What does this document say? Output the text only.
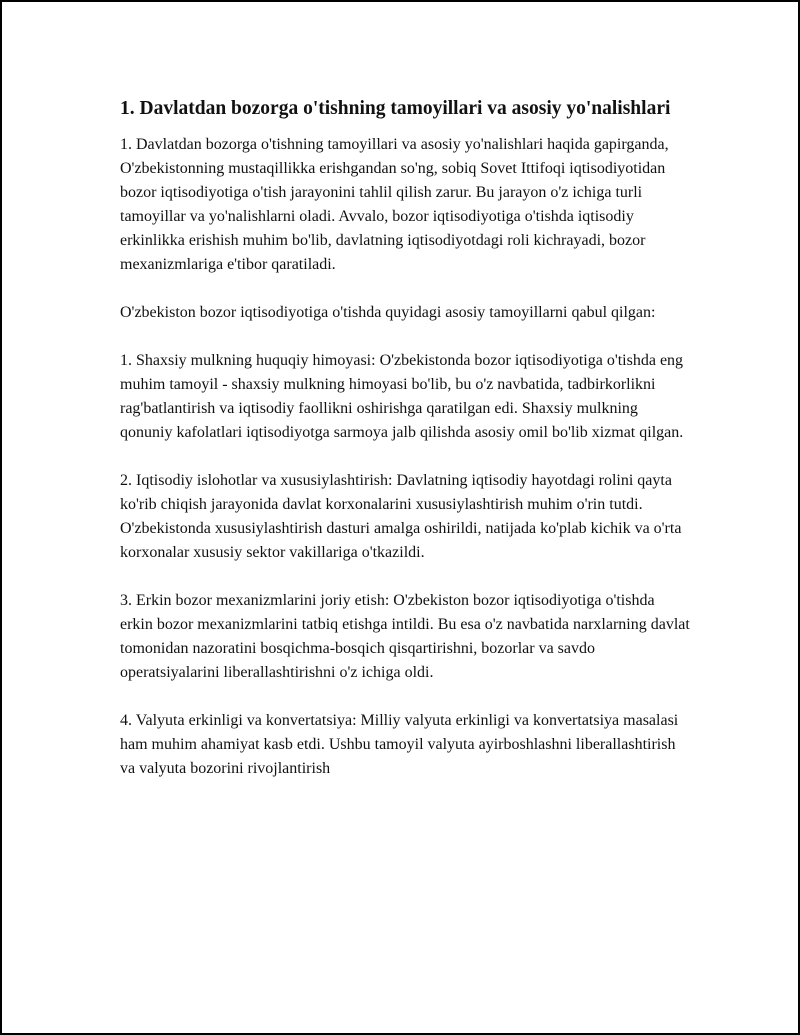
1. Davlatdan bozorga o'tishning tamoyillari va asosiy yo'nalishlari

1. Davlatdan bozorga o'tishning tamoyillari va asosiy yo'nalishlari haqida gapirganda, O'zbekistonning mustaqillikka erishgandan so'ng, sobiq Sovet Ittifoqi iqtisodiyotidan bozor iqtisodiyotiga o'tish jarayonini tahlil qilish zarur. Bu jarayon o'z ichiga turli tamoyillar va yo'nalishlarni oladi. Avvalo, bozor iqtisodiyotiga o'tishda iqtisodiy erkinlikka erishish muhim bo'lib, davlatning iqtisodiyotdagi roli kichrayadi, bozor mexanizmlariga e'tibor qaratiladi.

O'zbekiston bozor iqtisodiyotiga o'tishda quyidagi asosiy tamoyillarni qabul qilgan:

1. Shaxsiy mulkning huquqiy himoyasi: O'zbekistonda bozor iqtisodiyotiga o'tishda eng muhim tamoyil - shaxsiy mulkning himoyasi bo'lib, bu o'z navbatida, tadbirkorlikni rag'batlantirish va iqtisodiy faollikni oshirishga qaratilgan edi. Shaxsiy mulkning qonuniy kafolatlari iqtisodiyotga sarmoya jalb qilishda asosiy omil bo'lib xizmat qilgan.

2. Iqtisodiy islohotlar va xususiylashtirish: Davlatning iqtisodiy hayotdagi rolini qayta ko'rib chiqish jarayonida davlat korxonalarini xususiylashtirish muhim o'rin tutdi. O'zbekistonda xususiylashtirish dasturi amalga oshirildi, natijada ko'plab kichik va o'rta korxonalar xususiy sektor vakillariga o'tkazildi.

3. Erkin bozor mexanizmlarini joriy etish: O'zbekiston bozor iqtisodiyotiga o'tishda erkin bozor mexanizmlarini tatbiq etishga intildi. Bu esa o'z navbatida narxlarning davlat tomonidan nazoratini bosqichma-bosqich qisqartirishni, bozorlar va savdo operatsiyalarini liberallashtirishni o'z ichiga oldi.

4. Valyuta erkinligi va konvertatsiya: Milliy valyuta erkinligi va konvertatsiya masalasi ham muhim ahamiyat kasb etdi. Ushbu tamoyil valyuta ayirboshlashni liberallashtirish va valyuta bozorini rivojlantirish
